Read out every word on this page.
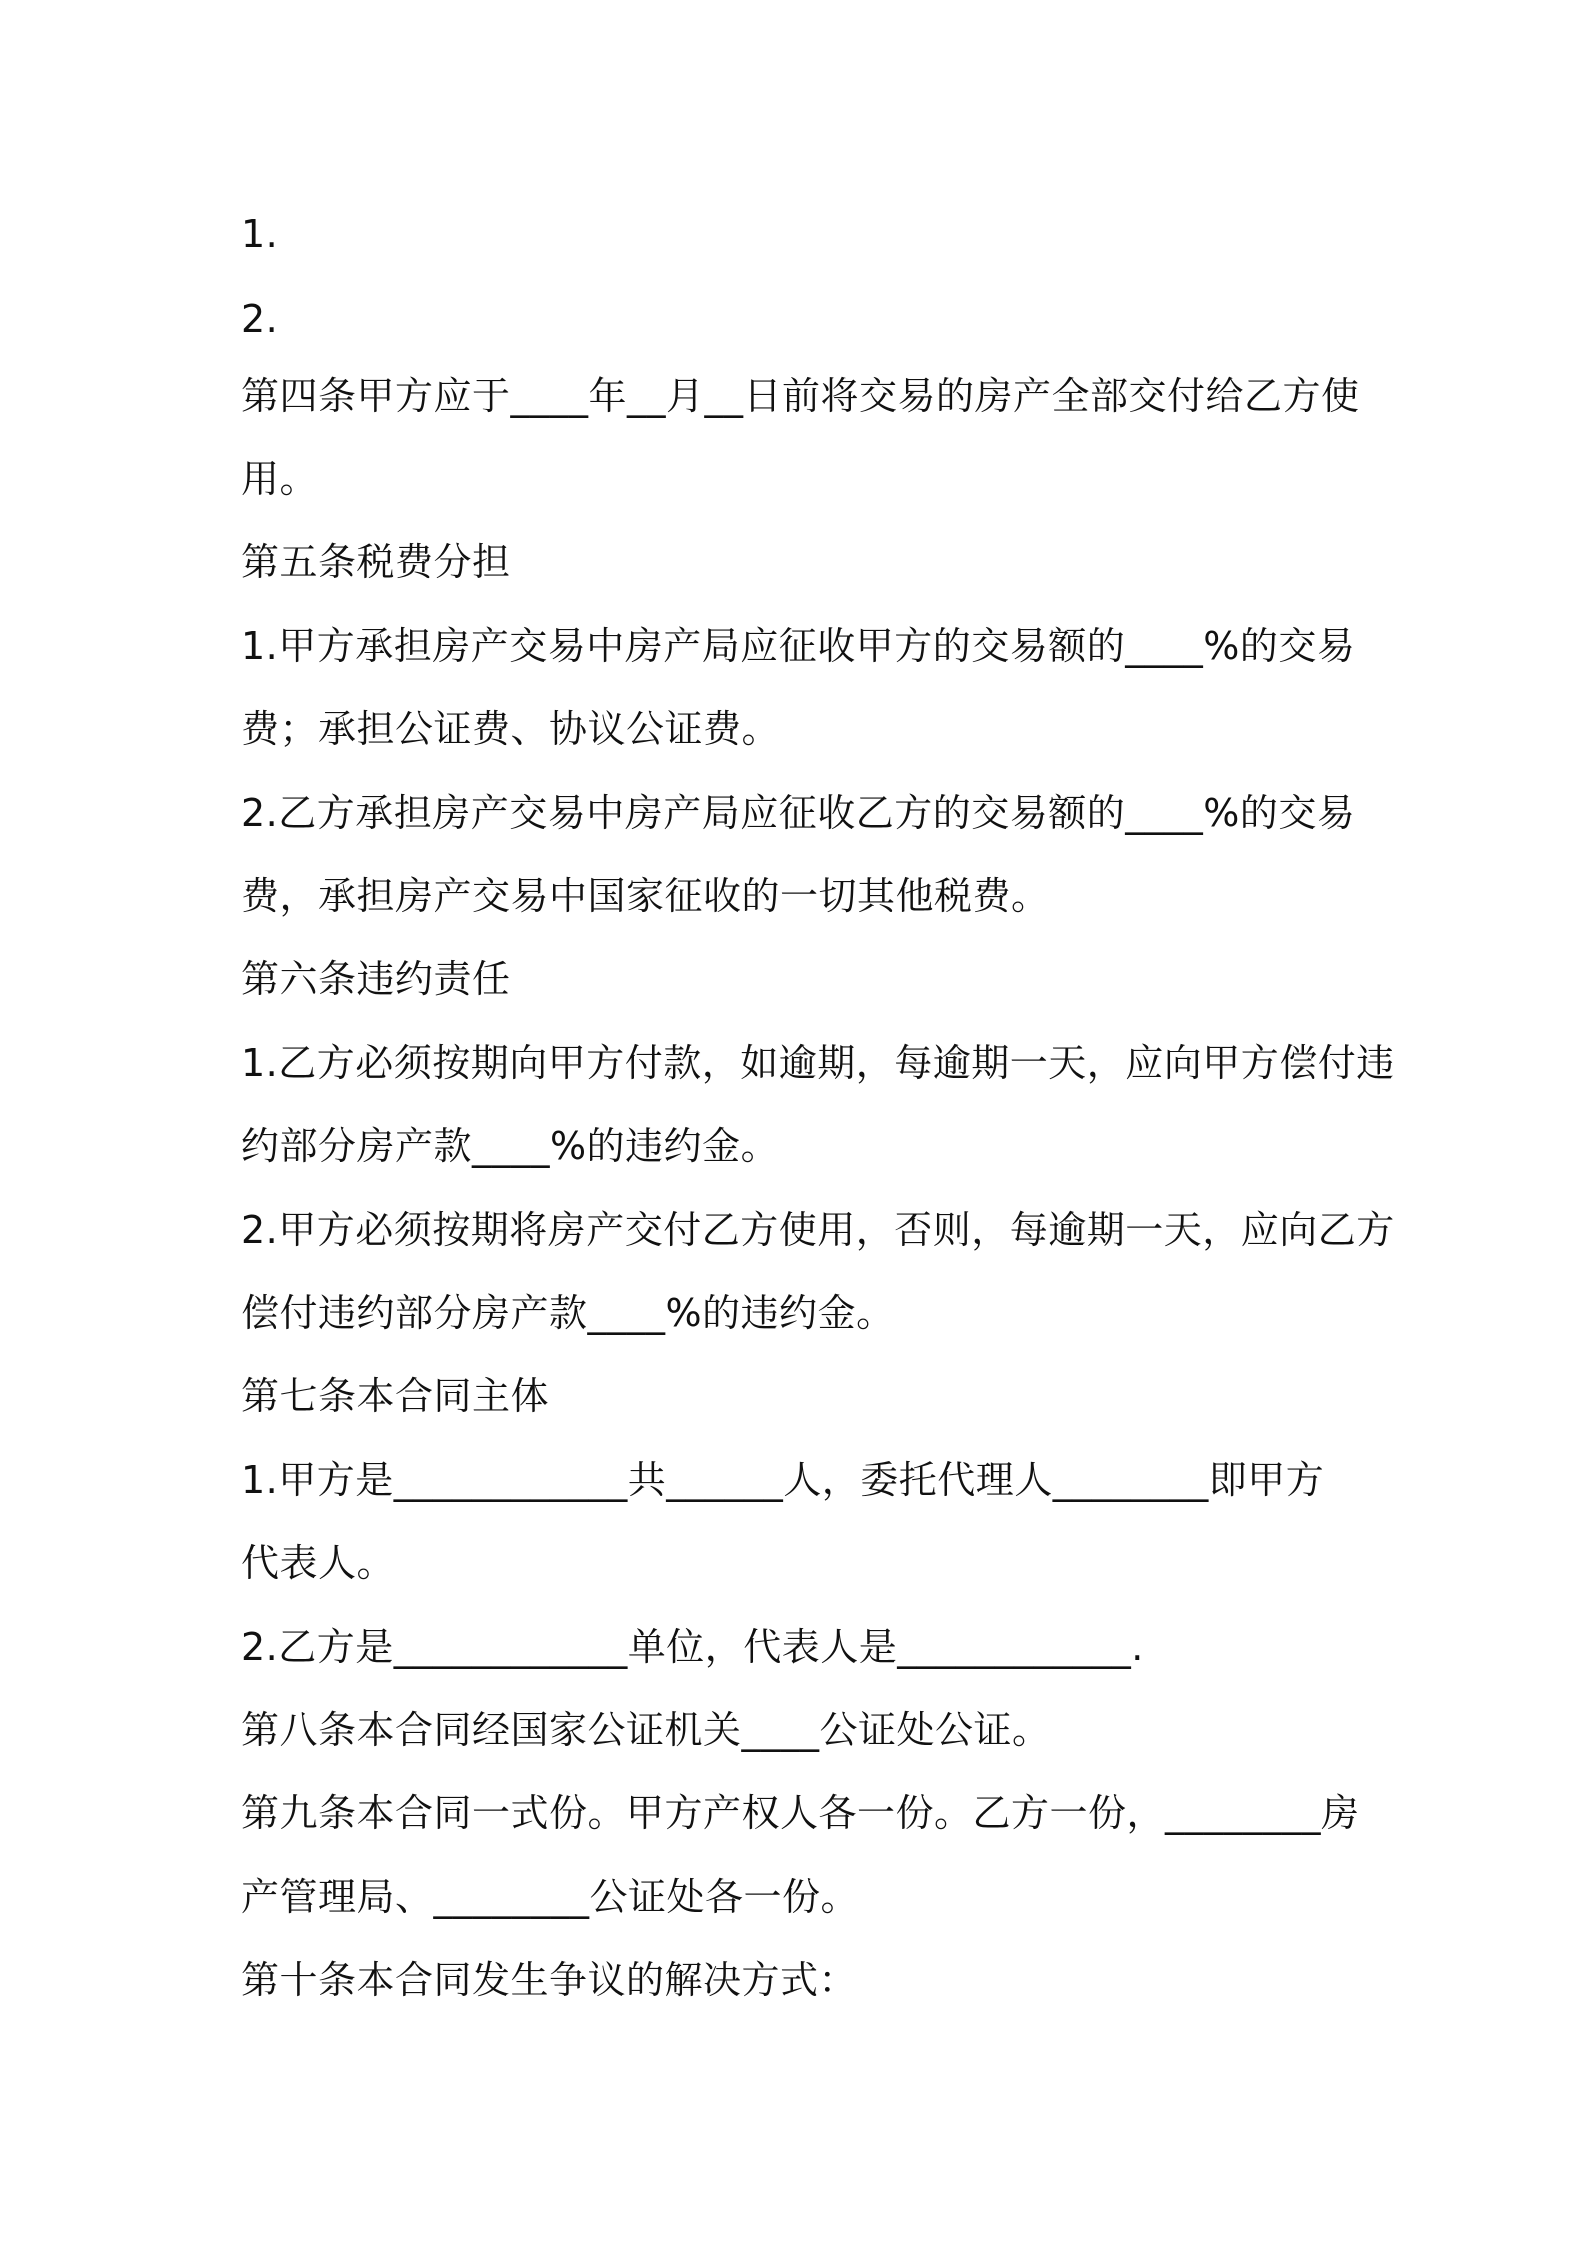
1.
2.
第四条甲方应于____年__月__日前将交易的房产全部交付给乙方使
用。
第五条税费分担
1.甲方承担房产交易中房产局应征收甲方的交易额的____%的交易
费；承担公证费、协议公证费。
2.乙方承担房产交易中房产局应征收乙方的交易额的____%的交易
费，承担房产交易中国家征收的一切其他税费。
第六条违约责任
1.乙方必须按期向甲方付款，如逾期，每逾期一天，应向甲方偿付违
约部分房产款____%的违约金。
2.甲方必须按期将房产交付乙方使用，否则，每逾期一天，应向乙方
偿付违约部分房产款____%的违约金。
第七条本合同主体
1.甲方是____________共______人，委托代理人________即甲方
代表人。
2.乙方是____________单位，代表人是____________.
第八条本合同经国家公证机关____公证处公证。
第九条本合同一式份。甲方产权人各一份。乙方一份，________房
产管理局、________公证处各一份。
第十条本合同发生争议的解决方式：
